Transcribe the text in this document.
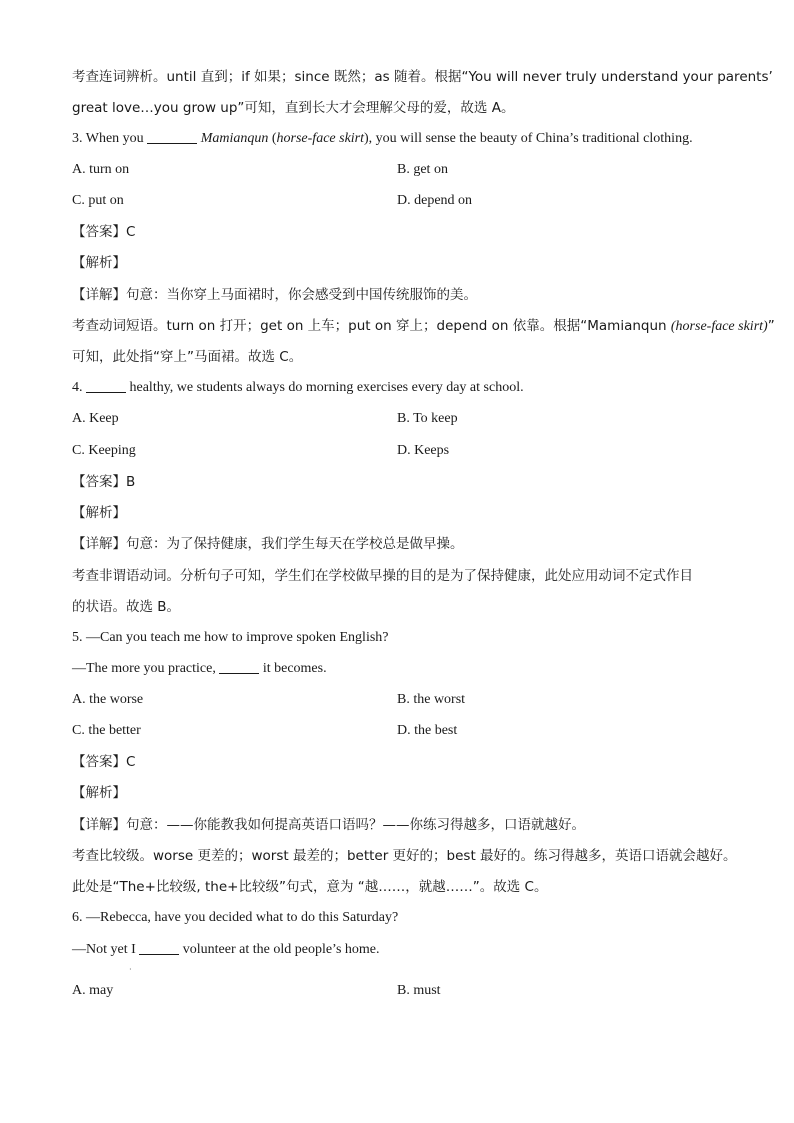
考查连词辨析。until 直到；if 如果；since 既然；as 随着。根据“You will never truly understand your parents’
great love…you grow up”可知，直到长大才会理解父母的爱，故选 A。
3. When you	Mamianqun (horse-face skirt), you will sense the beauty of China’s traditional clothing.
A. turn on	B. get on
C. put on	D. depend on
【答案】C
【解析】
【详解】句意：当你穿上马面裙时，你会感受到中国传统服饰的美。
考查动词短语。turn on 打开；get on 上车；put on 穿上；depend on 依靠。根据“Mamianqun (horse-face skirt)”
可知，此处指“穿上”马面裙。故选 C。
4.	healthy, we students always do morning exercises every day at school.
A. Keep	B. To keep
C. Keeping	D. Keeps
【答案】B
【解析】
【详解】句意：为了保持健康，我们学生每天在学校总是做早操。
考查非谓语动词。分析句子可知，学生们在学校做早操的目的是为了保持健康，此处应用动词不定式作目
的状语。故选 B。
5. —Can you teach me how to improve spoken English?
—The more you practice,	it becomes.
A. the worse	B. the worst
C. the better	D. the best
【答案】C
【解析】
【详解】句意：——你能教我如何提高英语口语吗？——你练习得越多，口语就越好。
考查比较级。worse 更差的；worst 最差的；better 更好的；best 最好的。练习得越多，英语口语就会越好。
此处是“The+比较级, the+比较级”句式，意为 “越……，就越……”。故选 C。
6. —Rebecca, have you decided what to do this Saturday?
—Not yet I	volunteer at the old people’s home.
·
A. may	B. must
